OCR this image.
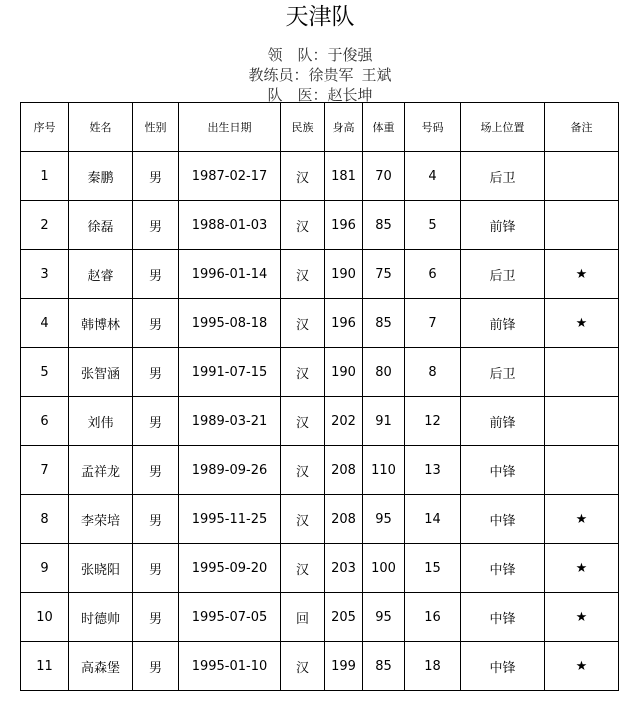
天津队
领　队：于俊强
教练员：徐贵军 王斌
队　医：赵长坤
序号	姓名	性别	出生日期	民族	身高	体重	号码	场上位置	备注
1	秦鹏	男	1987-02-17	汉	181	70	4	后卫	
2	徐磊	男	1988-01-03	汉	196	85	5	前锋	
3	赵睿	男	1996-01-14	汉	190	75	6	后卫	★
4	韩博林	男	1995-08-18	汉	196	85	7	前锋	★
5	张智涵	男	1991-07-15	汉	190	80	8	后卫	
6	刘伟	男	1989-03-21	汉	202	91	12	前锋	
7	孟祥龙	男	1989-09-26	汉	208	110	13	中锋	
8	李荣培	男	1995-11-25	汉	208	95	14	中锋	★
9	张晓阳	男	1995-09-20	汉	203	100	15	中锋	★
10	时德帅	男	1995-07-05	回	205	95	16	中锋	★
11	高森堡	男	1995-01-10	汉	199	85	18	中锋	★
